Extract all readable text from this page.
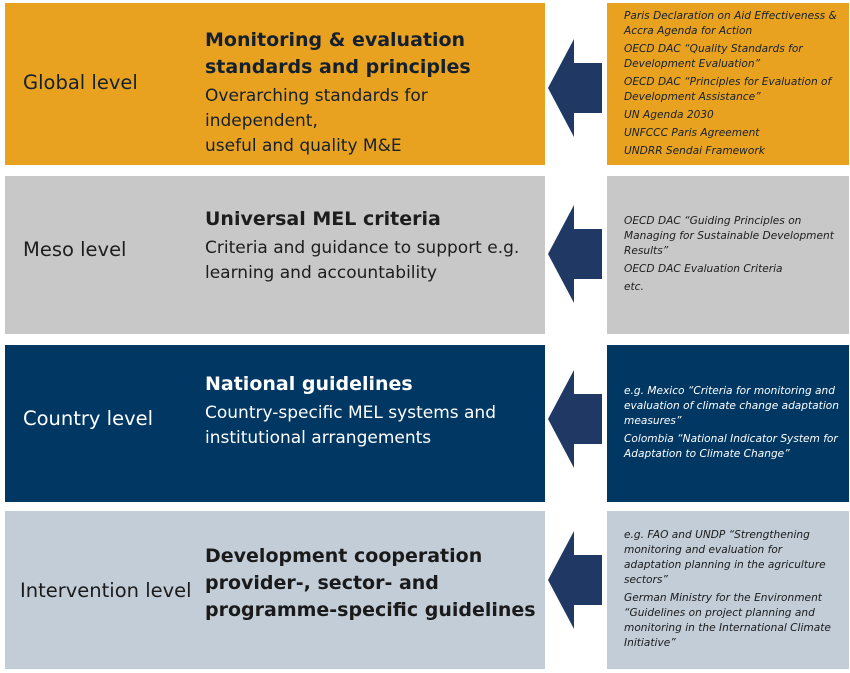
Global level
Monitoring & evaluation
standards and principles
Overarching standards for independent,
useful and quality M&E
Paris Declaration on Aid Effectiveness & Accra Agenda for Action
OECD DAC “Quality Standards for Development Evaluation”
OECD DAC “Principles for Evaluation of Development Assistance”
UN Agenda 2030
UNFCCC Paris Agreement
UNDRR Sendai Framework
Meso level
Universal MEL criteria
Criteria and guidance to support e.g.
learning and accountability
OECD DAC “Guiding Principles on Managing for Sustainable Development Results”
OECD DAC Evaluation Criteria
etc.
Country level
National guidelines
Country-specific MEL systems and
institutional arrangements
e.g. Mexico “Criteria for monitoring and evaluation of climate change adaptation measures”
Colombia “National Indicator System for Adaptation to Climate Change”
Intervention level
Development cooperation
provider-, sector- and
programme-specific guidelines
e.g. FAO and UNDP “Strengthening monitoring and evaluation for adaptation planning in the agriculture sectors”
German Ministry for the Environment “Guidelines on project planning and monitoring in the International Climate Initiative”
